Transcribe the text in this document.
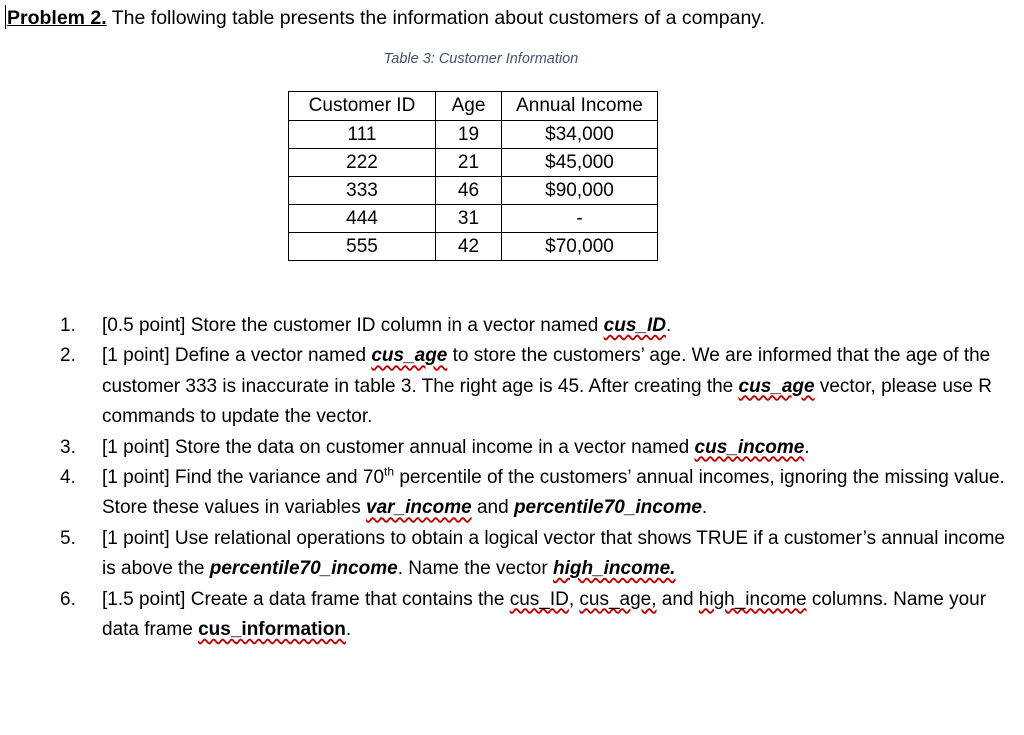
Problem 2. The following table presents the information about customers of a company.
Table 3: Customer Information
Customer ID	Age	Annual Income
111	19	$34,000
222	21	$45,000
333	46	$90,000
444	31	-
555	42	$70,000
1. [0.5 point] Store the customer ID column in a vector named cus_ID.
2. [1 point] Define a vector named cus_age to store the customers’ age. We are informed that the age of the customer 333 is inaccurate in table 3. The right age is 45. After creating the cus_age vector, please use R commands to update the vector.
3. [1 point] Store the data on customer annual income in a vector named cus_income.
4. [1 point] Find the variance and 70th percentile of the customers’ annual incomes, ignoring the missing value. Store these values in variables var_income and percentile70_income.
5. [1 point] Use relational operations to obtain a logical vector that shows TRUE if a customer’s annual income is above the percentile70_income. Name the vector high_income.
6. [1.5 point] Create a data frame that contains the cus_ID, cus_age, and high_income columns. Name your data frame cus_information.
